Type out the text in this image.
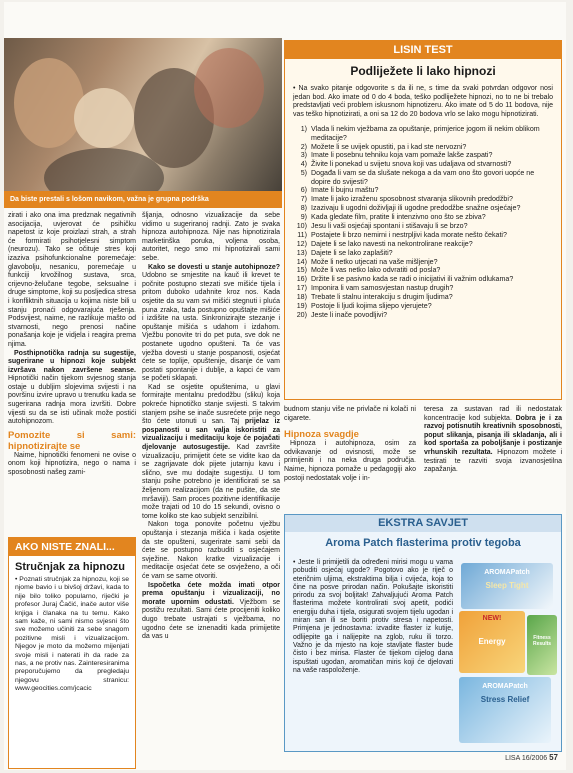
Da biste prestali s lošom navikom, važna je grupna podrška

zirati i ako ona ima predznak negativnih asocijacija, uvjerovat će psihičku napetost iz koje proizlazi strah, a strah će formirati psihotjelesni simptom (neurozu). Tako se očituje stres koji izaziva psihofunkcionalne poremećaje: glavobolju, nesanicu, poremećaje u funkciji krvožilnog sustava, srca, crijevno-želučane tegobe, seksualne i druge simptome, koji su posljedica stresa i konfliktnih situacija u kojima niste bili u stanju pronaći odgovarajuća rješenja. Podsvijest, naime, ne razlikuje mašto od stvarnosti, nego prenosi načine ponašanja koje je vidjela i reagira prema njima.

Posthipnotička radnja su sugestije, sugerirane u hipnozi koje subjekt izvršava nakon završene seanse. Hipnotički način tijekom svjesnog stanja ostaje u dubljim slojevima svijesti i na površinu izvire upravo u trenutku kada se sugerirana radnja mora izvršiti. Dobre vijesti su da se isti učinak može postići autohipnozom.

Pomozite si sami: hipnotizirajte se

Naime, hipnotički fenomeni ne ovise o onom koji hipnotizira, nego o nama i sposobnosti našeg zami-

AKO NISTE ZNALI...
Stručnjak za hipnozu
• Poznati stručnjak za hipnozu, koji se njome bavio i u bivšoj državi, kada to nije bilo toliko popularno, riječki je profesor Juraj Čačić, inače autor više knjiga i članaka na tu temu. Kako sam kaže, ni sami nismo svjesni što sve možemo učiniti za sebe snagom pozitivne misli i vizualizacijom. Njegov je moto da možemo mijenjati svoje misli i naterati ih da rade za nas, a ne protiv nas. Zainteresiranima preporučujemo da pregledaju njegovu stranicu: www.geocities.com/jcacic

šljanja, odnosno vizualizacije da sebe vidimo u sugeriranoj radnji. Zato je svaka hipnoza autohipnoza. Nije nas hipnotizirala marketinška poruka, voljena osoba, autoritet, nego smo mi hipnotizirali sami sebe.

Kako se dovesti u stanje autohipnoze? Udobno se smjestite na kauč ili krevet te počnite postupno stezati sve mišiće tijela i pritom duboko udahnite kroz nos. Kada osjetite da su vam svi mišići stegnuti i pluća puna zraka, tada postupno opuštajte mišiće i izdišite na usta. Sinkronizirajte stezanje i opuštanje mišića s udahom i izdahom. Vježbu ponovite tri do pet puta, sve dok ne postanete ugodno opušteni. Ta će vas vježba dovesti u stanje pospanosti, osjećat ćete se toplije, opuštenije, disanje će vam postati spontanije i dublje, a kapci će vam se početi sklapati.

Kad se osjetite opuštenima, u glavi formirajte mentalnu predodžbu (sliku) koja pokreće hipnotičko stanje svijesti. S takvim stanjem psihe se inače susrećete prije nego što ćete utonuti u san. Taj prijelaz iz pospanosti u san valja iskoristiti za vizualizaciju i meditaciju koje će pojačati djelovanje autosugestije. Kad završite vizualizaciju, primijetit ćete se vidite kao da se zagrijavate dok pijete jutarnju kavu i slično, sve mu dodajte sugestiju. U tom stanju psihe potrebno je identificirati se sa željenom realizacijom (da ne pušite, da ste mršaviji). Sam proces pozitivne identifikacije može trajati od 10 do 15 sekundi, ovisno o tome koliko ste kao subjekt senzibilni.

Nakon toga ponovite početnu vježbu opuštanja i stezanja mišića i kada osjetite da ste opušteni, sugerirate sami sebi da ćete se postupno razbuditi s osjećajem svježine. Nakon kratke vizualizacije i meditacije osjećat ćete se osvježeno, a oči će vam se same otvoriti.

Ispočetka ćete možda imati otpor prema opuštanju i vizualizaciji, no morate upornim odustati. Vježbom se postižu rezultati. Sami ćete procijeniti koliko dugo trebate ustrajati s vježbama, no ugodno ćete se iznenaditi kada primijetite da vas u

LISIN TEST
Podliježete li lako hipnozi
• Na svako pitanje odgovorite s da ili ne, s time da svaki potvrdan odgovor nosi jedan bod. Ako imate od 0 do 4 boda, teško podliježete hipnozi, no to ne bi trebalo predstavljati veći problem iskusnom hipnotizeru. Ako imate od 5 do 11 bodova, nije vas teško hipnotizirati, a oni sa 12 do 20 bodova vrlo se lako mogu hipnotizirati.
1) Vlada li nekim vježbama za opuštanje, primjerice jogom ili nekim oblikom meditacije?
2) Možete li se uvijek opustiti, pa i kad ste nervozni?
3) Imate li posebnu tehniku koja vam pomaže lakše zaspati?
4) Živite li ponekad u svijetu snova koji vas udaljava od stvarnosti?
5) Događa li vam se da slušate nekoga a da vam ono što govori uopće ne dopire do svijesti?
6) Imate li bujnu maštu?
7) Imate li jako izraženu sposobnost stvaranja slikovnih predodžbi?
8) Izazivaju li ugodni doživljaji ili ugodne predodžbe snažne osjećaje?
9) Kada gledate film, pratite li intenzivno ono što se zbiva?
10) Jesu li vaši osjećaji spontani i stišavaju li se brzo?
11) Postajete li brzo nemirni i nestrpljivi kada morate nešto čekati?
12) Dajete li se lako navesti na nekontrolirane reakcije?
13) Dajete li se lako zaplašiti?
14) Može li netko utjecati na vaše mišljenje?
15) Može li vas netko lako odvratiti od posla?
16) Držite li se pasivno kada se radi o inicijativi ili važnim odlukama?
17) Imponira li vam samosvjestan nastup drugih?
18) Trebate li stalnu interakciju s drugim ljudima?
19) Postoje li ljudi kojima slijepo vjerujete?
20) Jeste li inače povodljivi?

budnom stanju više ne privlače ni kolači ni cigarete.

Hipnoza svagdje

Hipnoza i autohipnoza, osim za odvikavanje od ovisnosti, može se primijeniti i na neka druga područja. Naime, hipnoza pomaže u pedagogiji ako postoji nedostatak volje i in-

teresa za sustavan rad ili nedostatak koncentracije kod subjekta. Dobra je i za razvoj potisnutih kreativnih sposobnosti, poput slikanja, pisanja ili skladanja, ali i kod sportaša za poboljšanje i postizanje vrhunskih rezultata. Hipnozom možete i testirati te razviti svoja izvanosjetilna zapažanja.

EKSTRA SAVJET
Aroma Patch flasterima protiv tegoba
• Jeste li primijetili da određeni mirisi mogu u vama pobuditi osjećaj ugode? Pogotovo ako je riječ o eteričnim uljima, ekstraktima bilja i cvijeća, koja to čine na posve prirodan način. Pokušajte iskoristiti prirodu za svoj boljitak! Zahvaljujući Aroma Patch flasterima možete kontrolirati svoj apetit, podići energiju duha i tijela, osigurati svojem tijelu ugodan i miran san ili se boriti protiv stresa i napetosti. Primjena je jednostavna: izvadite flaster iz kutije, odlijepite ga i nalijepite na zglob, ruku ili torzo. Važno je da mjesto na koje stavljate flaster bude čisto i bez mirisa. Flaster će tijekom cijelog dana ispuštati ugodan, aromatičan miris koji će djelovati na vaše raspoloženje.
AROMAPatch
Sleep Tight
NEW!
Energy	Fitness Results
AROMAPatch
Stress Relief
LISA 16/2006 57
